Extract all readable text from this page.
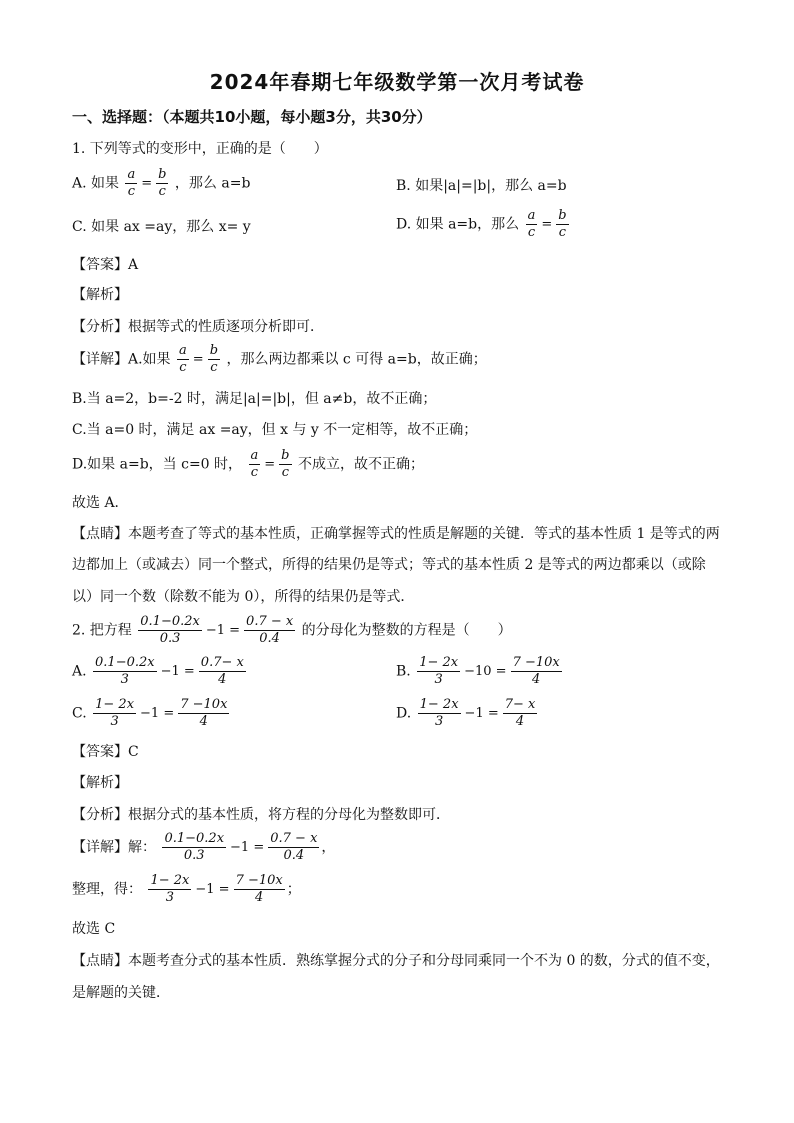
2024年春期七年级数学第一次月考试卷
一、选择题：（本题共10小题，每小题3分，共30分）
1. 下列等式的变形中，正确的是（　　）
A. 如果 $\frac{a}{c} = \frac{b}{c}$ ，那么 a=b	B. 如果|a|=|b|，那么 a=b
C. 如果 ax =ay，那么 x= y	D. 如果 a=b，那么 $\frac{a}{c} = \frac{b}{c}$
【答案】A
【解析】
【分析】根据等式的性质逐项分析即可．
【详解】A.如果 $\frac{a}{c} = \frac{b}{c}$ ，那么两边都乘以 c 可得 a=b，故正确；
B.当 a=2，b=-2 时，满足|a|=|b|，但 a≠b，故不正确；
C.当 a=0 时，满足 ax =ay，但 x 与 y 不一定相等，故不正确；
D.如果 a=b，当 c=0 时， $\frac{a}{c} = \frac{b}{c}$ 不成立，故不正确；
故选 A．
【点睛】本题考查了等式的基本性质，正确掌握等式的性质是解题的关键．等式的基本性质 1 是等式的两
边都加上（或减去）同一个整式，所得的结果仍是等式；等式的基本性质 2 是等式的两边都乘以（或除
以）同一个数（除数不能为 0），所得的结果仍是等式．
2. 把方程 $\frac{0.1-0.2x}{0.3} -1 = \frac{0.7 - x}{0.4}$ 的分母化为整数的方程是（　　）
A. $\frac{0.1-0.2x}{3} -1 = \frac{0.7- x}{4}$	B. $\frac{1- 2x}{3} -10 = \frac{7 -10x}{4}$
C. $\frac{1- 2x}{3} -1 = \frac{7 -10x}{4}$	D. $\frac{1- 2x}{3} -1 = \frac{7- x}{4}$
【答案】C
【解析】
【分析】根据分式的基本性质，将方程的分母化为整数即可．
【详解】解： $\frac{0.1-0.2x}{0.3} -1 = \frac{0.7 - x}{0.4}$ ，
整理，得： $\frac{1- 2x}{3} -1 = \frac{7 -10x}{4}$ ；
故选 C
【点睛】本题考查分式的基本性质．熟练掌握分式的分子和分母同乘同一个不为 0 的数，分式的值不变，
是解题的关键．
